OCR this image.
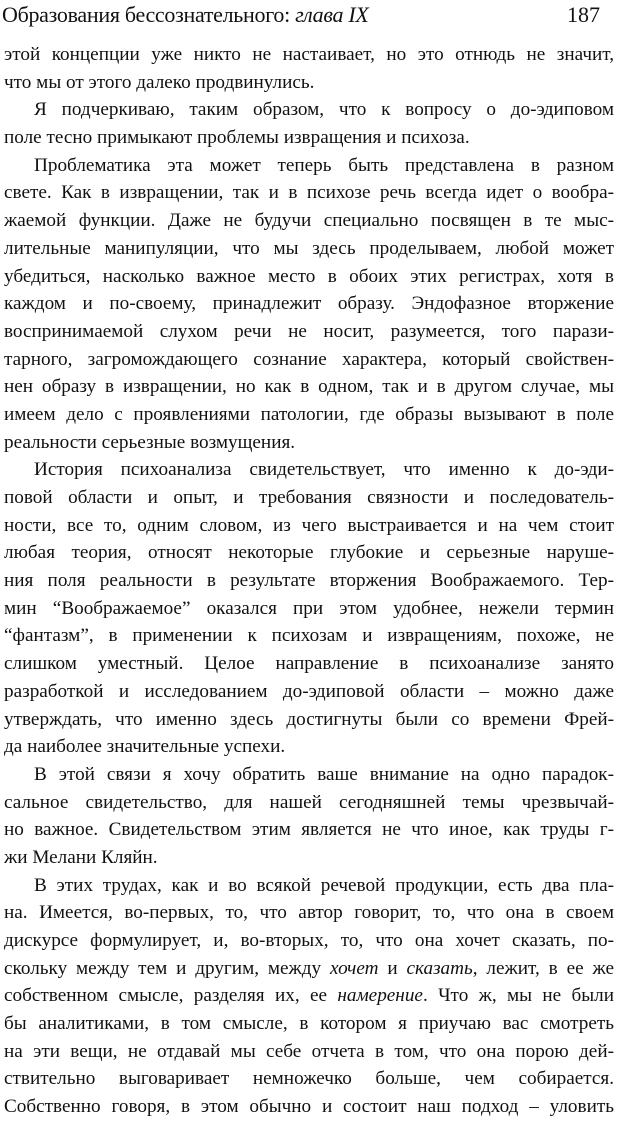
Образования бессознательного: глава IX	187
этой концепции уже никто не настаивает, но это отнюдь не значит,
что мы от этого далеко продвинулись.
Я подчеркиваю, таким образом, что к вопросу о до-эдиповом
поле тесно примыкают проблемы извращения и психоза.
Проблематика эта может теперь быть представлена в разном
свете. Как в извращении, так и в психозе речь всегда идет о вообра-
жаемой функции. Даже не будучи специально посвящен в те мыс-
лительные манипуляции, что мы здесь проделываем, любой может
убедиться, насколько важное место в обоих этих регистрах, хотя в
каждом и по-своему, принадлежит образу. Эндофазное вторжение
воспринимаемой слухом речи не носит, разумеется, того парази-
тарного, загромождающего сознание характера, который свойствен-
нен образу в извращении, но как в одном, так и в другом случае, мы
имеем дело с проявлениями патологии, где образы вызывают в поле
реальности серьезные возмущения.
История психоанализа свидетельствует, что именно к до-эди-
повой области и опыт, и требования связности и последователь-
ности, все то, одним словом, из чего выстраивается и на чем стоит
любая теория, относят некоторые глубокие и серьезные наруше-
ния поля реальности в результате вторжения Воображаемого. Тер-
мин “Воображаемое” оказался при этом удобнее, нежели термин
“фантазм”, в применении к психозам и извращениям, похоже, не
слишком уместный. Целое направление в психоанализе занято
разработкой и исследованием до-эдиповой области – можно даже
утверждать, что именно здесь достигнуты были со времени Фрей-
да наиболее значительные успехи.
В этой связи я хочу обратить ваше внимание на одно парадок-
сальное свидетельство, для нашей сегодняшней темы чрезвычай-
но важное. Свидетельством этим является не что иное, как труды г-
жи Мелани Кляйн.
В этих трудах, как и во всякой речевой продукции, есть два пла-
на. Имеется, во-первых, то, что автор говорит, то, что она в своем
дискурсе формулирует, и, во-вторых, то, что она хочет сказать, по-
скольку между тем и другим, между хочет и сказать, лежит, в ее же
собственном смысле, разделяя их, ее намерение. Что ж, мы не были
бы аналитиками, в том смысле, в котором я приучаю вас смотреть
на эти вещи, не отдавай мы себе отчета в том, что она порою дей-
ствительно выговаривает немножечко больше, чем собирается.
Собственно говоря, в этом обычно и состоит наш подход – уловить
